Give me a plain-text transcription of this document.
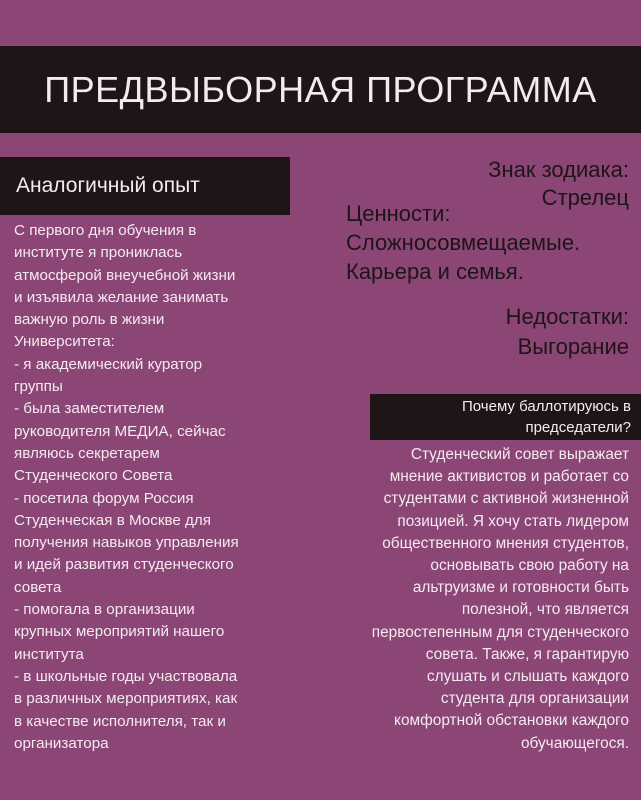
ПРЕДВЫБОРНАЯ ПРОГРАММА
Аналогичный опыт
С первого дня обучения в
институте я прониклась
атмосферой внеучебной жизни
и изъявила желание занимать
важную роль в жизни
Университета:
- я академический куратор
группы
- была заместителем
руководителя МЕДИА, сейчас
являюсь секретарем
Студенческого Совета
- посетила форум Россия
Студенческая в Москве для
получения навыков управления
и идей развития студенческого
совета
- помогала в организации
крупных мероприятий нашего
института
- в школьные годы участвовала
в различных мероприятиях, как
в качестве исполнителя, так и
организатора
Знак зодиака:
Стрелец
Ценности:
Сложносовмещаемые.
Карьера и семья.
Недостатки:
Выгорание
Почему баллотируюсь в
председатели?
Студенческий совет выражает
мнение активистов и работает со
студентами с активной жизненной
позицией. Я хочу стать лидером
общественного мнения студентов,
основывать свою работу на
альтруизме и готовности быть
полезной, что является
первостепенным для студенческого
совета. Также, я гарантирую
слушать и слышать каждого
студента для организации
комфортной обстановки каждого
обучающегося.
